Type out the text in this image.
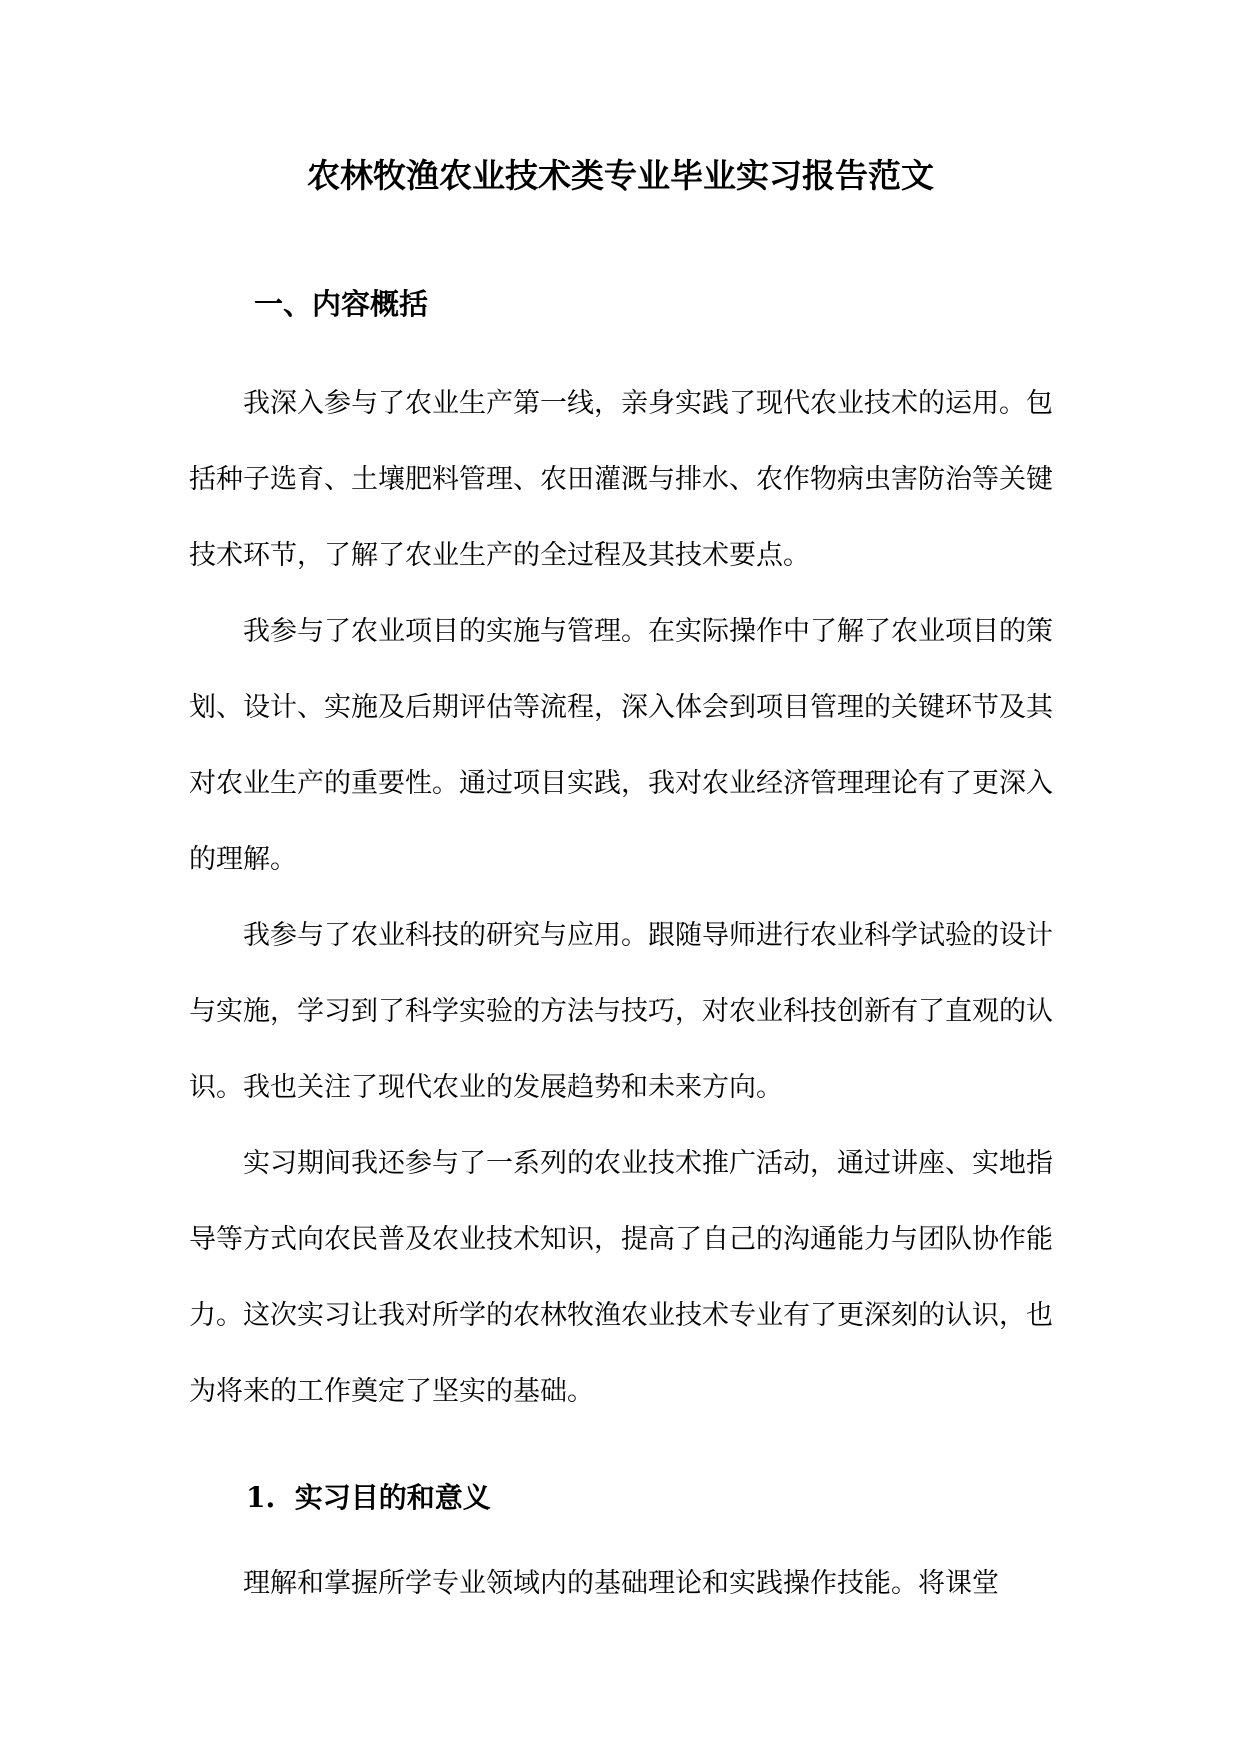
农林牧渔农业技术类专业毕业实习报告范文
一、内容概括

我深入参与了农业生产第一线，亲身实践了现代农业技术的运用。包括种子选育、土壤肥料管理、农田灌溉与排水、农作物病虫害防治等关键技术环节，了解了农业生产的全过程及其技术要点。

我参与了农业项目的实施与管理。在实际操作中了解了农业项目的策划、设计、实施及后期评估等流程，深入体会到项目管理的关键环节及其对农业生产的重要性。通过项目实践，我对农业经济管理理论有了更深入的理解。

我参与了农业科技的研究与应用。跟随导师进行农业科学试验的设计与实施，学习到了科学实验的方法与技巧，对农业科技创新有了直观的认识。我也关注了现代农业的发展趋势和未来方向。

实习期间我还参与了一系列的农业技术推广活动，通过讲座、实地指导等方式向农民普及农业技术知识，提高了自己的沟通能力与团队协作能力。这次实习让我对所学的农林牧渔农业技术专业有了更深刻的认识，也为将来的工作奠定了坚实的基础。

1.  实习目的和意义

理解和掌握所学专业领域内的基础理论和实践操作技能。将课堂
